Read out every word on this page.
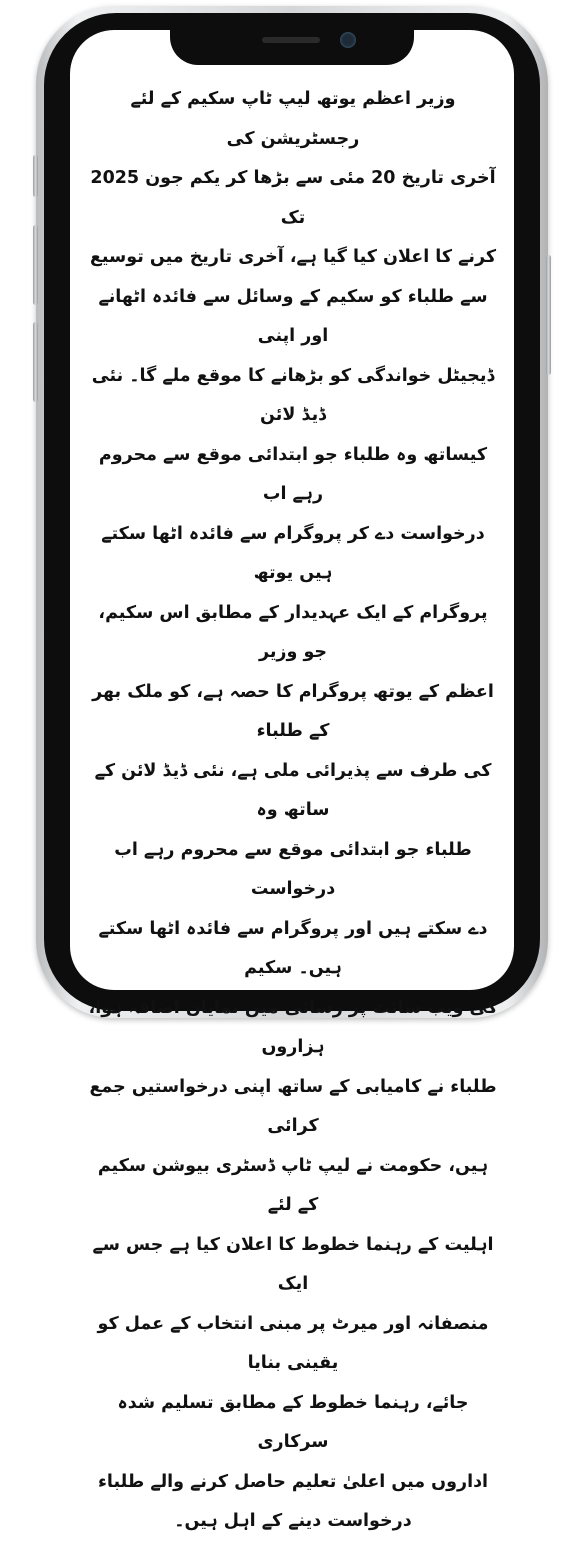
وزیر اعظم یوتھ لیپ ٹاپ سکیم کے لئے رجسٹریشن کی

آخری تاریخ 20 مئی سے بڑھا کر یکم جون 2025 تک

کرنے کا اعلان کیا گیا ہے، آخری تاریخ میں توسیع

سے طلباء کو سکیم کے وسائل سے فائدہ اٹھانے اور اپنی

ڈیجیٹل خواندگی کو بڑھانے کا موقع ملے گا۔ نئی ڈیڈ لائن

کیساتھ وہ طلباء جو ابتدائی موقع سے محروم رہے اب

درخواست دے کر پروگرام سے فائدہ اٹھا سکتے ہیں یوتھ

پروگرام کے ایک عہدیدار کے مطابق اس سکیم، جو وزیر

اعظم کے یوتھ پروگرام کا حصہ ہے، کو ملک بھر کے طلباء

کی طرف سے پذیرائی ملی ہے، نئی ڈیڈ لائن کے ساتھ وہ

طلباء جو ابتدائی موقع سے محروم رہے اب درخواست

دے سکتے ہیں اور پروگرام سے فائدہ اٹھا سکتے ہیں۔ سکیم

کی ویب سائٹ پر رسائی میں نمایاں اضافہ ہوا، ہزاروں

طلباء نے کامیابی کے ساتھ اپنی درخواستیں جمع کرائی

ہیں، حکومت نے لیپ ٹاپ ڈسٹری بیوشن سکیم کے لئے

اہلیت کے رہنما خطوط کا اعلان کیا ہے جس سے ایک

منصفانہ اور میرٹ پر مبنی انتخاب کے عمل کو یقینی بنایا

جائے، رہنما خطوط کے مطابق تسلیم شدہ سرکاری

اداروں میں اعلیٰ تعلیم حاصل کرنے والے طلباء

درخواست دینے کے اہل ہیں۔
